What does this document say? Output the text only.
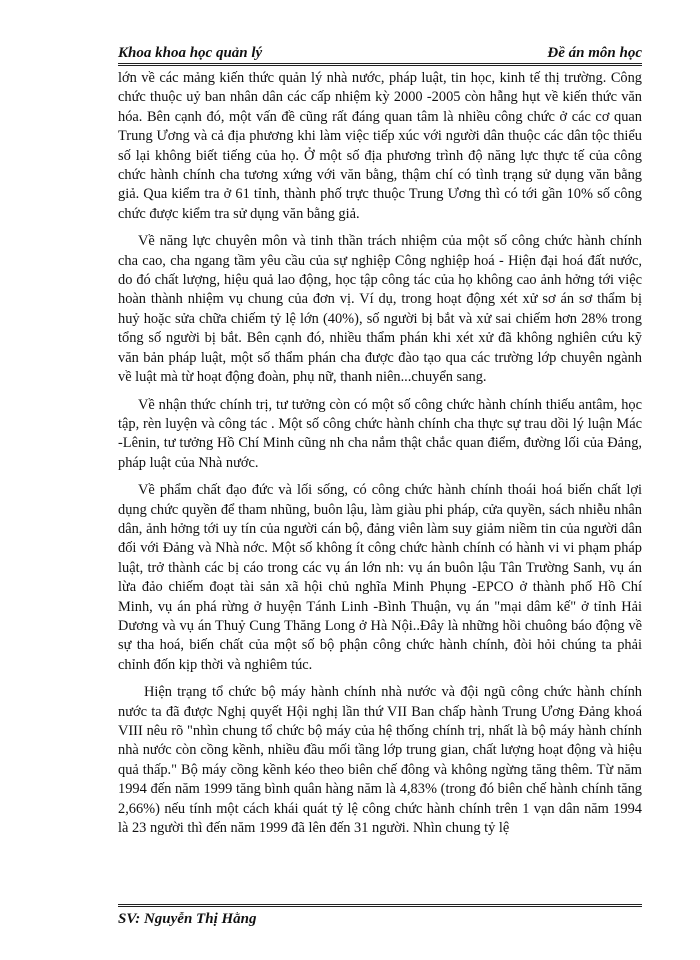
Khoa khoa học quản lý	Đề án môn học

lớn về các mảng kiến thức quản lý nhà nước, pháp luật, tin học, kinh tế thị trường. Công chức thuộc uỷ ban nhân dân các cấp nhiệm kỳ 2000 -2005 còn hẫng hụt về kiến thức văn hóa. Bên cạnh đó, một vấn đề cũng rất đáng quan tâm là nhiều công chức ở các cơ quan Trung Ương và cả địa phương khi làm việc tiếp xúc với người dân thuộc các dân tộc thiểu số lại không biết tiếng của họ. Ở một số địa phương trình độ năng lực thực tế của công chức hành chính cha tương xứng với văn bằng, thậm chí có tình trạng sử dụng văn bằng giả. Qua kiểm tra ở 61 tỉnh, thành phố trực thuộc Trung Ương thì có tới gần 10% số công chức được kiểm tra sử dụng văn bằng giả.

Về năng lực chuyên môn và tinh thần trách nhiệm của một số công chức hành chính cha cao, cha ngang tầm yêu cầu của sự nghiệp Công nghiệp hoá - Hiện đại hoá đất nước, do đó chất lượng, hiệu quả lao động, học tập công tác của họ không cao ảnh hởng tới việc hoàn thành nhiệm vụ chung của đơn vị. Ví dụ, trong hoạt động xét xử sơ án sơ thẩm bị huỷ hoặc sửa chữa chiếm tỷ lệ lớn (40%), số người bị bắt và xử sai chiếm hơn 28% trong tổng số người bị bắt. Bên cạnh đó, nhiều thẩm phán khi xét xử đã không nghiên cứu kỹ văn bản pháp luật, một số thẩm phán cha được đào tạo qua các trường lớp chuyên ngành về luật mà từ hoạt động đoàn, phụ nữ, thanh niên...chuyển sang.

Về nhận thức chính trị, tư tưởng còn có một số công chức hành chính thiếu antâm, học tập, rèn luyện và công tác . Một số công chức hành chính cha thực sự trau dồi lý luận Mác -Lênin, tư tưởng Hồ Chí Minh cũng nh cha nắm thật chắc quan điểm, đường lối của Đảng, pháp luật của Nhà nước.

Về phẩm chất đạo đức và lối sống, có công chức hành chính thoái hoá biến chất lợi dụng chức quyền để tham nhũng, buôn lậu, làm giàu phi pháp, cửa quyền, sách nhiễu nhân dân, ảnh hởng tới uy tín của người cán bộ, đảng viên làm suy giảm niềm tin của người dân đối với Đảng và Nhà nớc. Một số không ít công chức hành chính có hành vi vi phạm pháp luật, trở thành các bị cáo trong các vụ án lớn nh: vụ án buôn lậu Tân Trường Sanh, vụ án lừa đảo chiếm đoạt tài sản xã hội chủ nghĩa Minh Phụng -EPCO ở thành phố Hồ Chí Minh, vụ án phá rừng ở huyện Tánh Linh -Bình Thuận, vụ án "mại dâm kế" ở tỉnh Hải Dương và vụ án Thuỷ Cung Thăng Long ở Hà Nội..Đây là những hồi chuông báo động về sự tha hoá, biến chất của một số bộ phận công chức hành chính, đòi hỏi chúng ta phải chỉnh đốn kịp thời và nghiêm túc.

Hiện trạng tổ chức bộ máy hành chính nhà nước và đội ngũ công chức hành chính nước ta đã được Nghị quyết Hội nghị lần thứ VII Ban chấp hành Trung Ương Đảng khoá VIII nêu rõ "nhìn chung tổ chức bộ máy của hệ thống chính trị, nhất là bộ máy hành chính nhà nước còn cồng kềnh, nhiều đầu mối tầng lớp trung gian, chất lượng hoạt động và hiệu quả thấp." Bộ máy cồng kềnh kéo theo biên chế đông và không ngừng tăng thêm. Từ năm 1994 đến năm 1999 tăng bình quân hàng năm là 4,83% (trong đó biên chế hành chính tăng 2,66%) nếu tính một cách khái quát tỷ lệ công chức hành chính trên 1 vạn dân năm 1994 là 23 người thì đến năm 1999 đã lên đến 31 người. Nhìn chung tỷ lệ

SV: Nguyễn Thị Hằng
